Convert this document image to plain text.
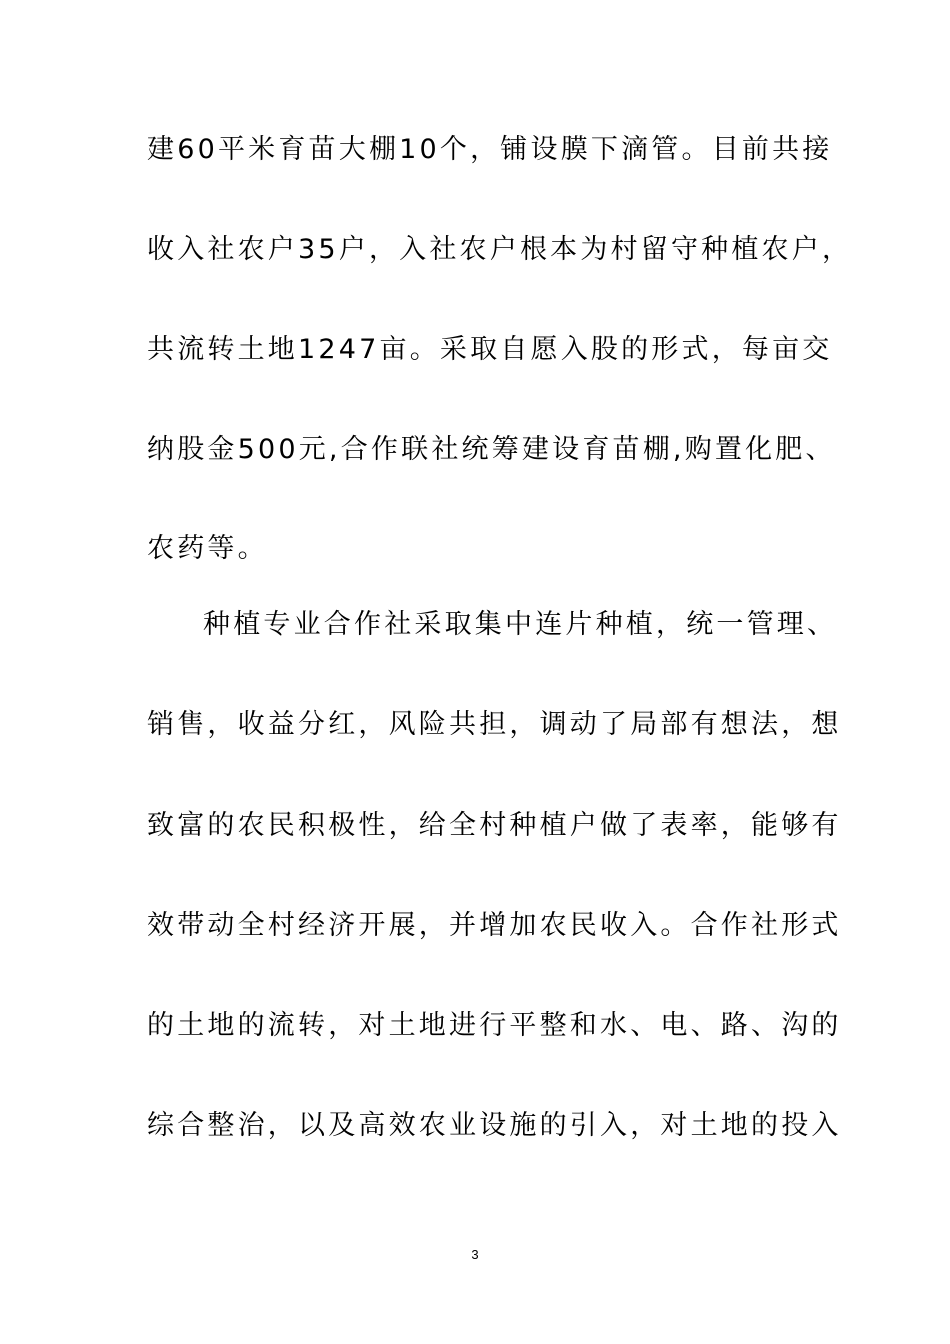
建60平米育苗大棚10个，铺设膜下滴管。目前共接
收入社农户35户，入社农户根本为村留守种植农户，
共流转土地1247亩。采取自愿入股的形式，每亩交
纳股金500元,合作联社统筹建设育苗棚,购置化肥、
农药等。
种植专业合作社采取集中连片种植，统一管理、
销售，收益分红，风险共担，调动了局部有想法，想
致富的农民积极性，给全村种植户做了表率，能够有
效带动全村经济开展，并增加农民收入。合作社形式
的土地的流转，对土地进行平整和水、电、路、沟的
综合整治，以及高效农业设施的引入，对土地的投入
3
